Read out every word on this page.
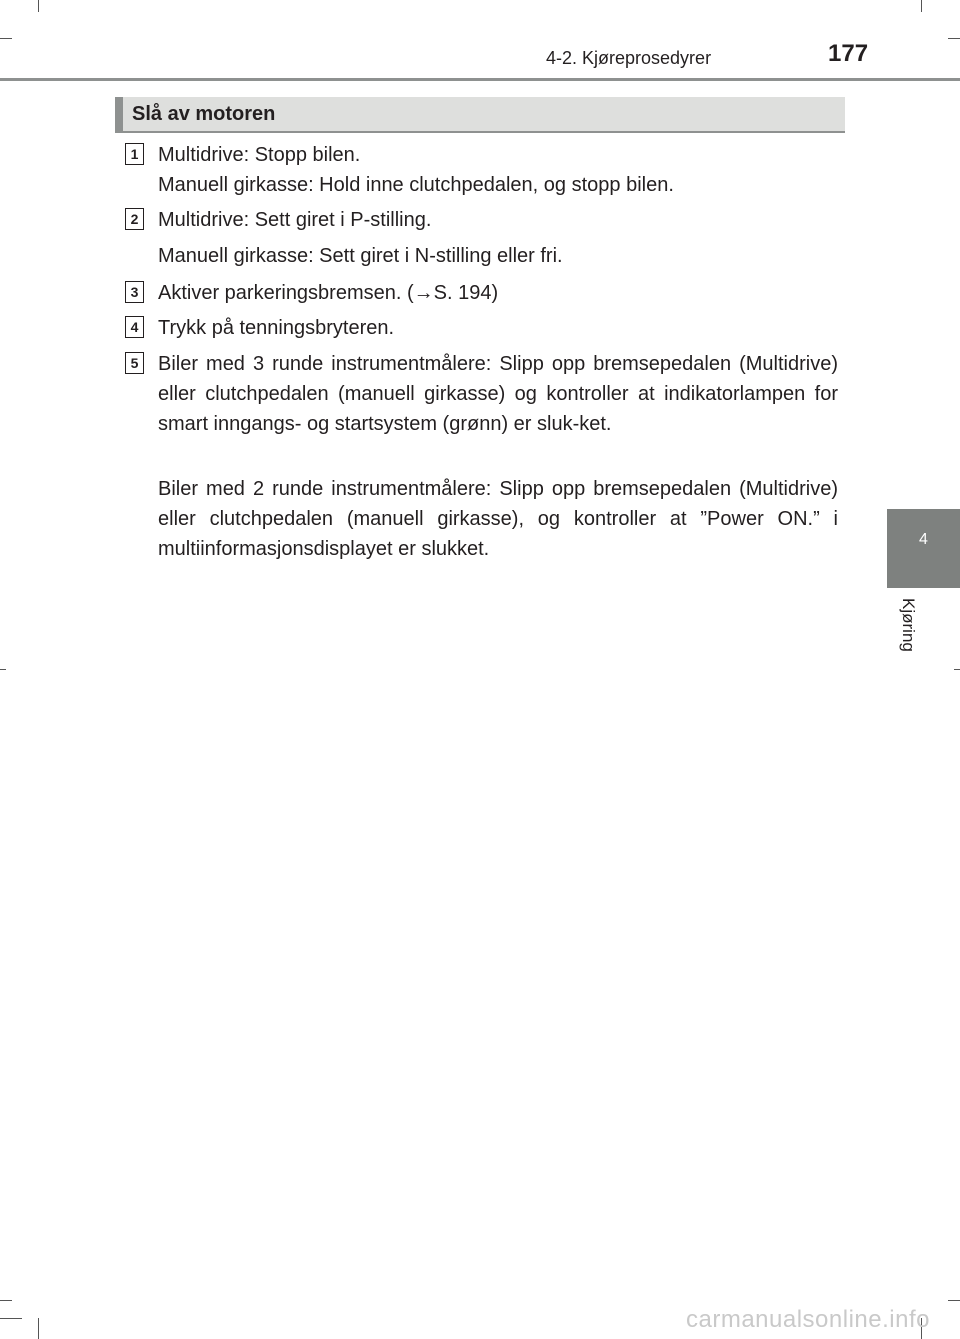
4-2. Kjøreprosedyrer	177
Slå av motoren
1 Multidrive: Stopp bilen.
Manuell girkasse: Hold inne clutchpedalen, og stopp bilen.
2 Multidrive: Sett giret i P-stilling.
Manuell girkasse: Sett giret i N-stilling eller fri.
3 Aktiver parkeringsbremsen. (→S. 194)
4 Trykk på tenningsbryteren.
5 Biler med 3 runde instrumentmålere: Slipp opp bremsepedalen (Multidrive) eller clutchpedalen (manuell girkasse) og kontroller at indikatorlampen for smart inngangs- og startsystem (grønn) er sluk-ket.
Biler med 2 runde instrumentmålere: Slipp opp bremsepedalen (Multidrive) eller clutchpedalen (manuell girkasse), og kontroller at ”Power ON.” i multiinformasjonsdisplayet er slukket.	4
Kjøring
carmanualsonline.info
